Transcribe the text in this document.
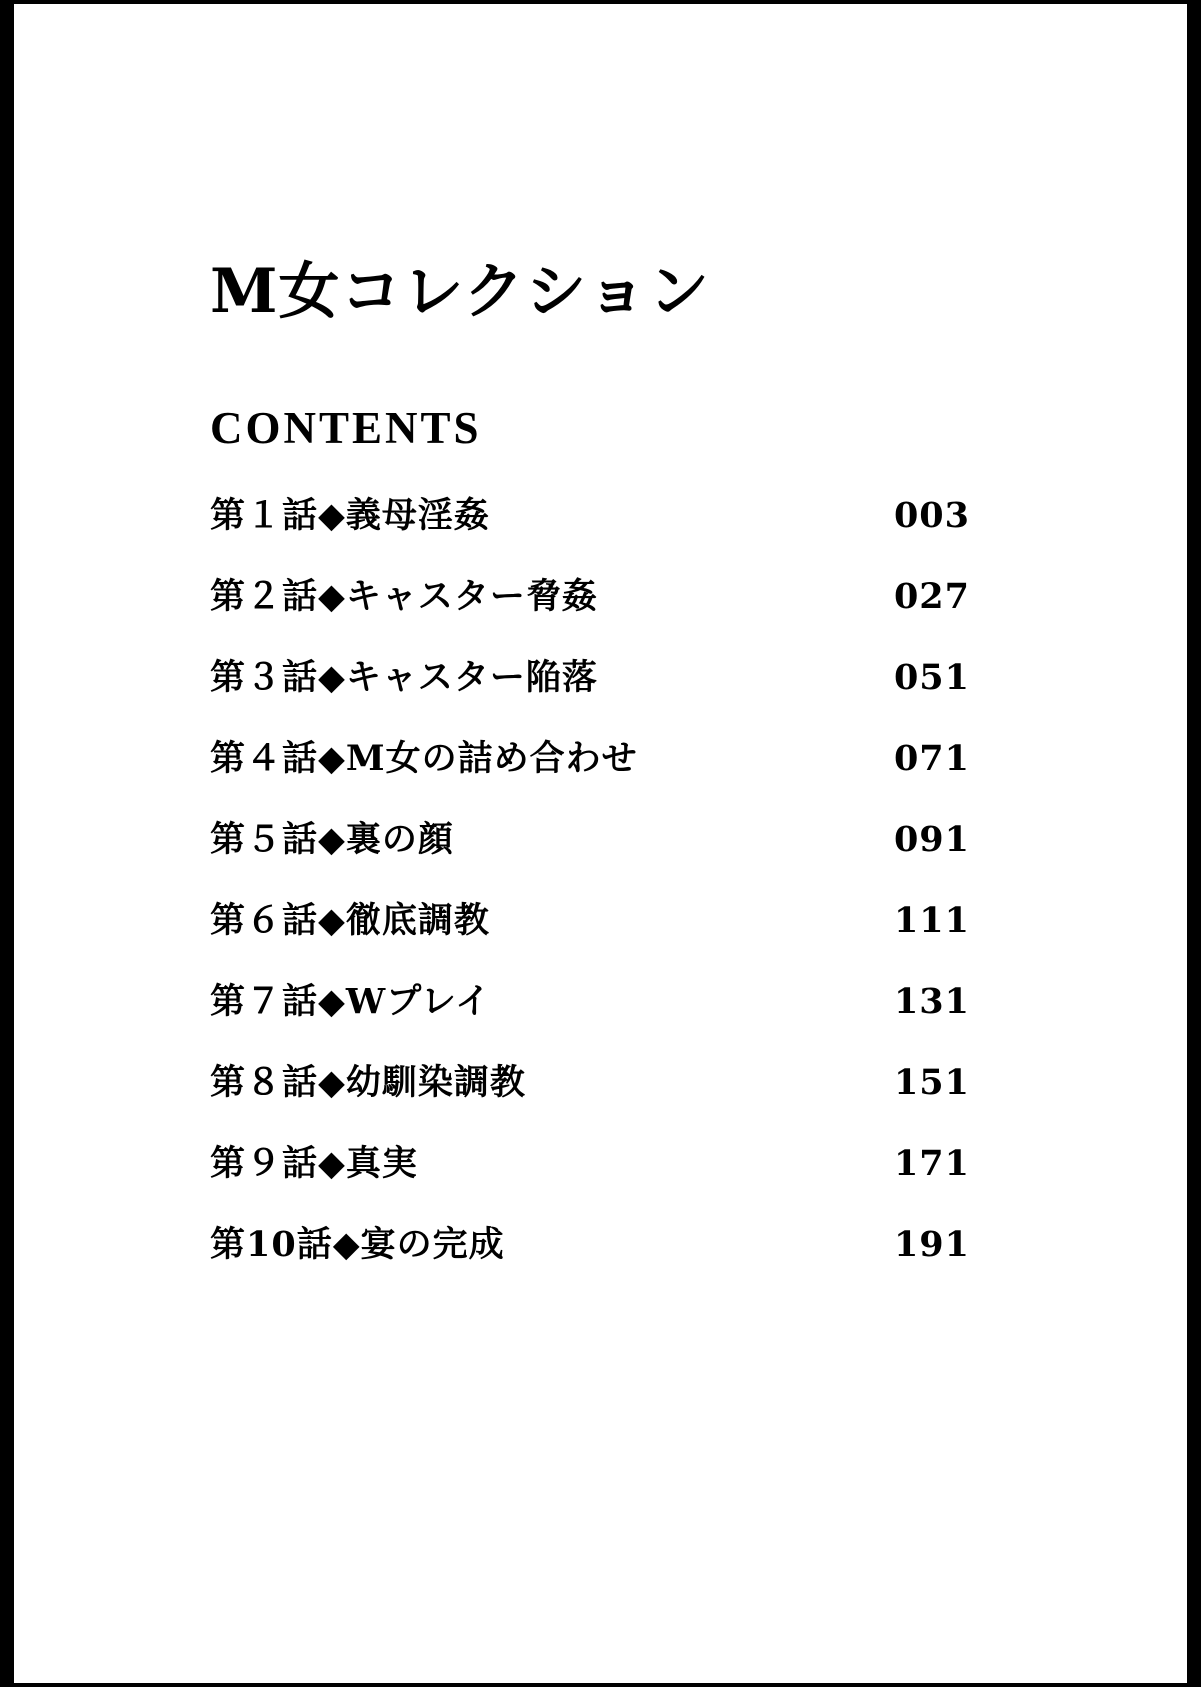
M女コレクション
CONTENTS
第１話◆義母淫姦	003
第２話◆キャスター脅姦	027
第３話◆キャスター陥落	051
第４話◆M女の詰め合わせ	071
第５話◆裏の顔	091
第６話◆徹底調教	111
第７話◆Wプレイ	131
第８話◆幼馴染調教	151
第９話◆真実	171
第10話◆宴の完成	191
